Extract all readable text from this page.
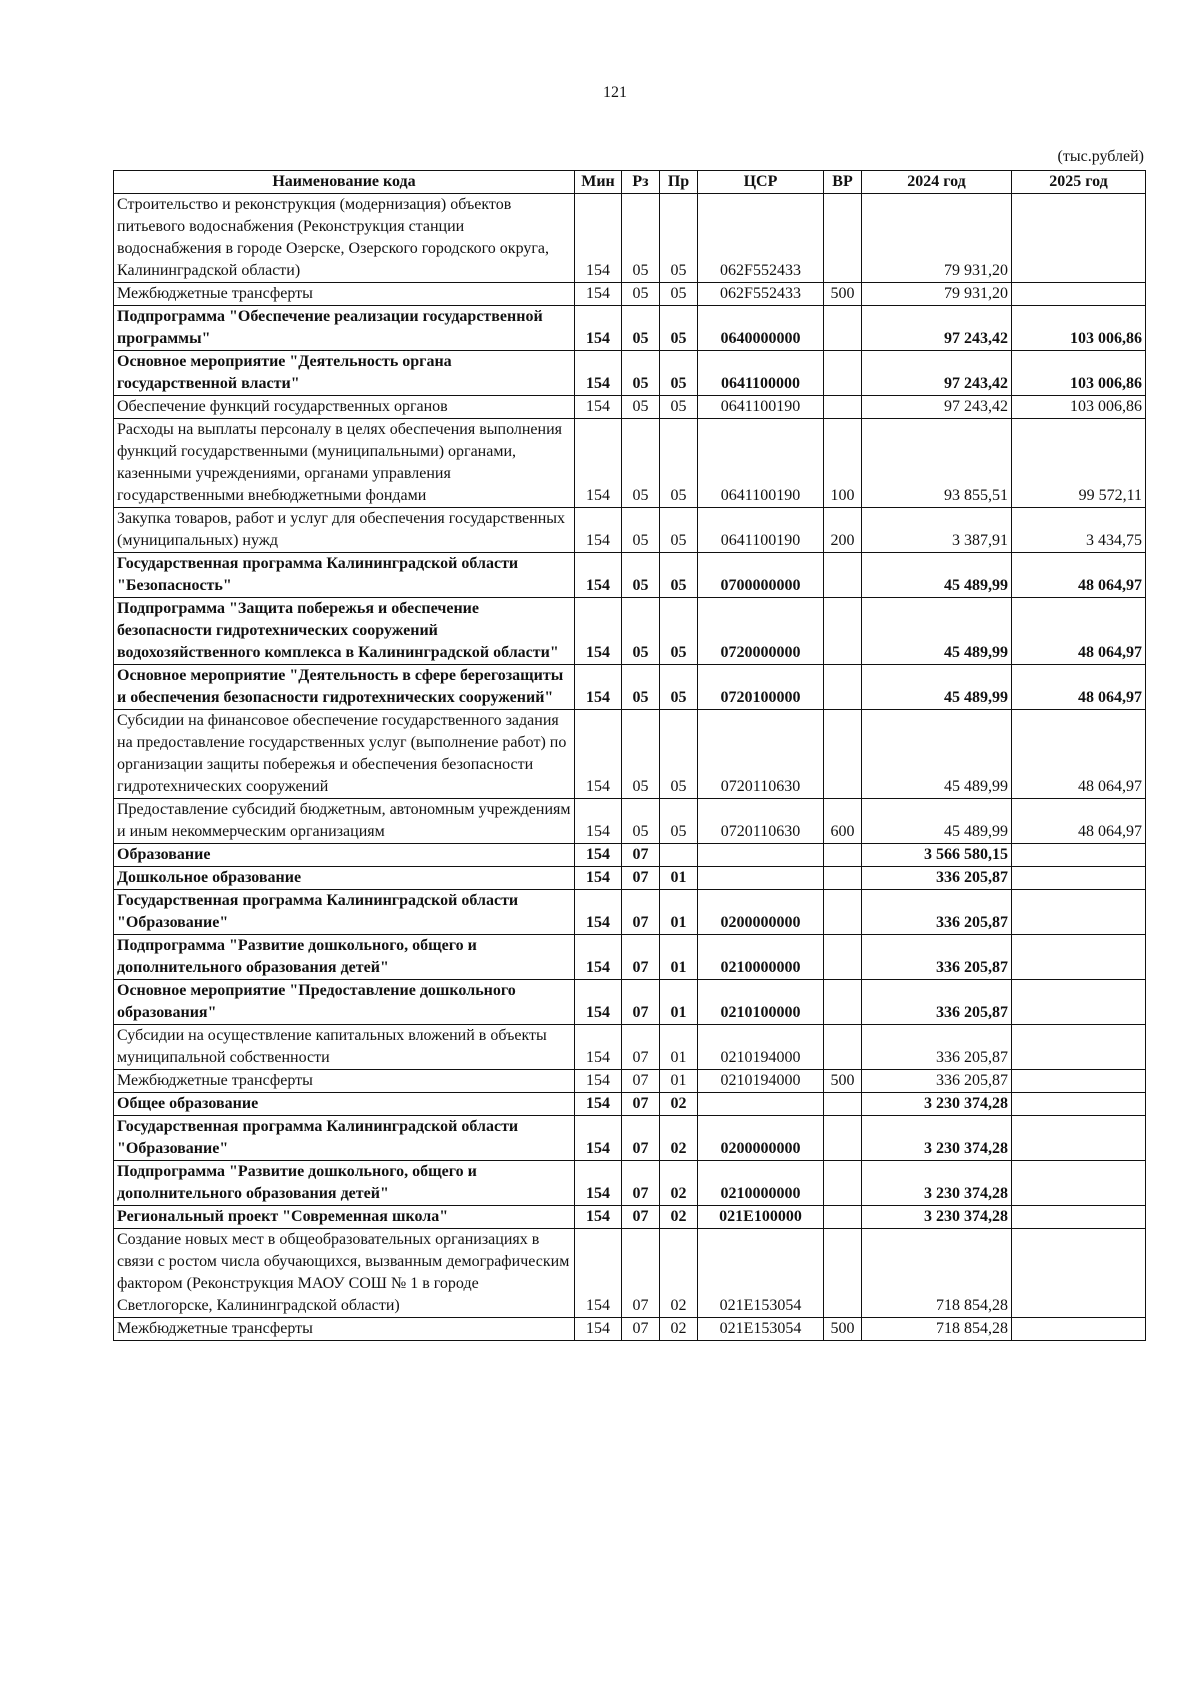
121
(тыс.рублей)
Наименование кода	Мин	Рз	Пр	ЦСР	ВР	2024 год	2025 год
Строительство и реконструкция (модернизация) объектов питьевого водоснабжения (Реконструкция станции водоснабжения в городе Озерске, Озерского городского округа, Калининградской области)	154	05	05	062F552433		79 931,20	
Межбюджетные трансферты	154	05	05	062F552433	500	79 931,20	
Подпрограмма "Обеспечение реализации государственной программы"	154	05	05	0640000000		97 243,42	103 006,86
Основное мероприятие "Деятельность органа государственной власти"	154	05	05	0641100000		97 243,42	103 006,86
Обеспечение функций государственных органов	154	05	05	0641100190		97 243,42	103 006,86
Расходы на выплаты персоналу в целях обеспечения выполнения функций государственными (муниципальными) органами, казенными учреждениями, органами управления государственными внебюджетными фондами	154	05	05	0641100190	100	93 855,51	99 572,11
Закупка товаров, работ и услуг для обеспечения государственных (муниципальных) нужд	154	05	05	0641100190	200	3 387,91	3 434,75
Государственная программа Калининградской области "Безопасность"	154	05	05	0700000000		45 489,99	48 064,97
Подпрограмма "Защита побережья и обеспечение безопасности гидротехнических сооружений водохозяйственного комплекса в Калининградской области"	154	05	05	0720000000		45 489,99	48 064,97
Основное мероприятие "Деятельность в сфере берегозащиты и обеспечения безопасности гидротехнических сооружений"	154	05	05	0720100000		45 489,99	48 064,97
Субсидии на финансовое обеспечение государственного задания на предоставление государственных услуг (выполнение работ) по организации защиты побережья и обеспечения безопасности гидротехнических сооружений	154	05	05	0720110630		45 489,99	48 064,97
Предоставление субсидий бюджетным, автономным учреждениям и иным некоммерческим организациям	154	05	05	0720110630	600	45 489,99	48 064,97
Образование	154	07				3 566 580,15	
Дошкольное образование	154	07	01			336 205,87	
Государственная программа Калининградской области "Образование"	154	07	01	0200000000		336 205,87	
Подпрограмма "Развитие дошкольного, общего и дополнительного образования детей"	154	07	01	0210000000		336 205,87	
Основное мероприятие "Предоставление дошкольного образования"	154	07	01	0210100000		336 205,87	
Субсидии на осуществление капитальных вложений в объекты муниципальной собственности	154	07	01	0210194000		336 205,87	
Межбюджетные трансферты	154	07	01	0210194000	500	336 205,87	
Общее образование	154	07	02			3 230 374,28	
Государственная программа Калининградской области "Образование"	154	07	02	0200000000		3 230 374,28	
Подпрограмма "Развитие дошкольного, общего и дополнительного образования детей"	154	07	02	0210000000		3 230 374,28	
Региональный проект "Современная школа"	154	07	02	021Е100000		3 230 374,28	
Создание новых мест в общеобразовательных организациях в связи с ростом числа обучающихся, вызванным демографическим фактором (Реконструкция МАОУ СОШ № 1 в городе Светлогорске, Калининградской области)	154	07	02	021Е153054		718 854,28	
Межбюджетные трансферты	154	07	02	021Е153054	500	718 854,28	
